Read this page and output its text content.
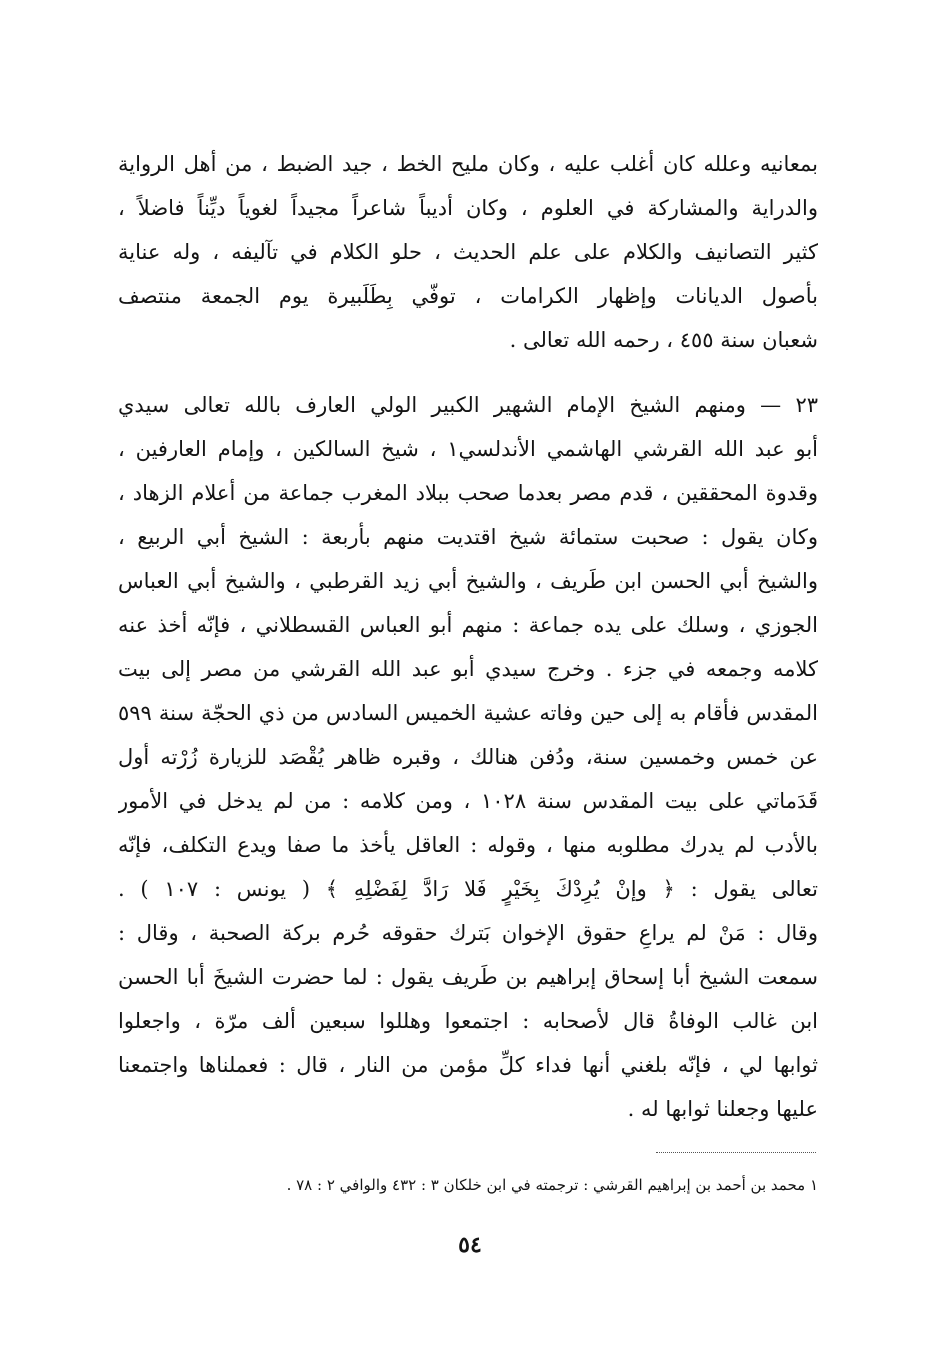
بمعانيه وعلله كان أغلب عليه ، وكان مليح الخط ، جيد الضبط ، من أهل الرواية
والدراية والمشاركة في العلوم ، وكان أديباً شاعراً مجيداً لغوياً ديِّناً فاضلاً ،
كثير التصانيف والكلام على علم الحديث ، حلو الكلام في تآليفه ، وله عناية
بأصول الديانات وإظهار الكرامات ، توفّي بِطَلَبيرة يوم الجمعة منتصف
شعبان سنة ٤٥٥ ، رحمه الله تعالى .
٢٣ — ومنهم الشيخ الإمام الشهير الكبير الولي العارف بالله تعالى سيدي
أبو عبد الله القرشي الهاشمي الأندلسي١ ، شيخ السالكين ، وإمام العارفين ،
وقدوة المحققين ، قدم مصر بعدما صحب ببلاد المغرب جماعة من أعلام الزهاد ،
وكان يقول : صحبت ستمائة شيخ اقتديت منهم بأربعة : الشيخ أبي الربيع ،
والشيخ أبي الحسن ابن طَريف ، والشيخ أبي زيد القرطبي ، والشيخ أبي العباس
الجوزي ، وسلك على يده جماعة : منهم أبو العباس القسطلاني ، فإنّه أخذ عنه
كلامه وجمعه في جزء . وخرج سيدي أبو عبد الله القرشي من مصر إلى بيت
المقدس فأقام به إلى حين وفاته عشية الخميس السادس من ذي الحجّة سنة ٥٩٩
عن خمس وخمسين سنة، ودُفن هنالك ، وقبره ظاهر يُقْصَد للزيارة زُرْته أول
قَدَماتي على بيت المقدس سنة ١٠٢٨ ، ومن كلامه : من لم يدخل في الأمور
بالأدب لم يدرك مطلوبه منها ، وقوله : العاقل يأخذ ما صفا ويدع التكلف، فإنّه
تعالى يقول : ﴿ وإنْ يُرِدْكَ بِخَيْرٍ فَلا رَادَّ لِفَضْلِهِ ﴾ ( يونس : ١٠٧ ) .
وقال : مَنْ لم يراعِ حقوق الإخوان بَترك حقوقه حُرم بركة الصحبة ، وقال :
سمعت الشيخ أبا إسحاق إبراهيم بن طَريف يقول : لما حضرت الشيخَ أبا الحسن
ابن غالب الوفاةُ قال لأصحابه : اجتمعوا وهللوا سبعين ألف مرّة ، واجعلوا
ثوابها لي ، فإنّه بلغني أنها فداء كلِّ مؤمن من النار ، قال : فعملناها واجتمعنا
عليها وجعلنا ثوابها له .
١ محمد بن أحمد بن إبراهيم القرشي : ترجمته في ابن خلكان ٣ : ٤٣٢ والوافي ٢ : ٧٨ .
٥٤
